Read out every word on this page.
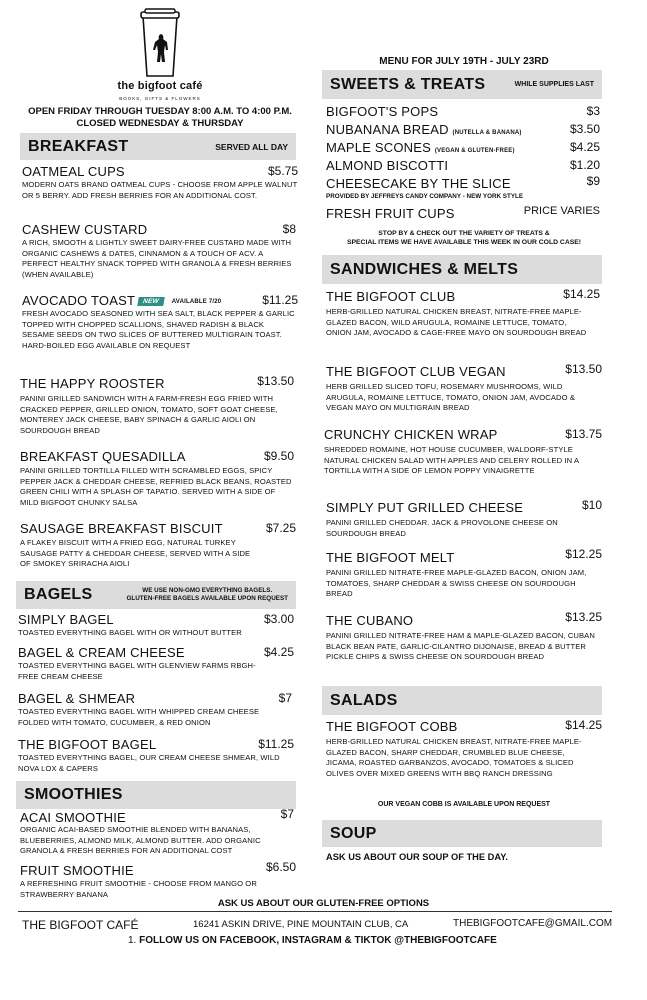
the bigfoot café
BOOKS, GIFTS & FLOWERS
OPEN FRIDAY THROUGH TUESDAY 8:00 A.M. TO 4:00 P.M.
CLOSED WEDNESDAY & THURSDAY
MENU FOR JULY 19TH - JULY 23RD
BREAKFAST	SERVED ALL DAY
OATMEAL CUPS	$5.75
MODERN OATS BRAND OATMEAL CUPS - CHOOSE FROM APPLE WALNUT OR 5 BERRY. ADD FRESH BERRIES FOR AN ADDITIONAL COST.
CASHEW CUSTARD	$8
A RICH, SMOOTH & LIGHTLY SWEET DAIRY-FREE CUSTARD MADE WITH ORGANIC CASHEWS & DATES, CINNAMON & A TOUCH OF ACV. A PERFECT HEALTHY SNACK TOPPED WITH GRANOLA & FRESH BERRIES (WHEN AVAILABLE)
AVOCADO TOAST NEW AVAILABLE 7/20	$11.25
FRESH AVOCADO SEASONED WITH SEA SALT, BLACK PEPPER & GARLIC TOPPED WITH CHOPPED SCALLIONS, SHAVED RADISH & BLACK SESAME SEEDS ON TWO SLICES OF BUTTERED MULTIGRAIN TOAST.
HARD-BOILED EGG AVAILABLE ON REQUEST
THE HAPPY ROOSTER	$13.50
PANINI GRILLED SANDWICH WITH A FARM-FRESH EGG FRIED WITH CRACKED PEPPER, GRILLED ONION, TOMATO, SOFT GOAT CHEESE, MONTEREY JACK CHEESE, BABY SPINACH & GARLIC AIOLI ON SOURDOUGH BREAD
BREAKFAST QUESADILLA	$9.50
PANINI GRILLED TORTILLA FILLED WITH SCRAMBLED EGGS, SPICY PEPPER JACK & CHEDDAR CHEESE, REFRIED BLACK BEANS, ROASTED GREEN CHILI WITH A SPLASH OF TAPATIO. SERVED WITH A SIDE OF MILD BIGFOOT CHUNKY SALSA
SAUSAGE BREAKFAST BISCUIT	$7.25
A FLAKEY BISCUIT WITH A FRIED EGG, NATURAL TURKEY SAUSAGE PATTY & CHEDDAR CHEESE, SERVED WITH A SIDE OF SMOKEY SRIRACHA AIOLI
BAGELS	WE USE NON-GMO EVERYTHING BAGELS.
GLUTEN-FREE BAGELS AVAILABLE UPON REQUEST
SIMPLY BAGEL	$3.00
TOASTED EVERYTHING BAGEL WITH OR WITHOUT BUTTER
BAGEL & CREAM CHEESE	$4.25
TOASTED EVERYTHING BAGEL WITH GLENVIEW FARMS RBGH-FREE CREAM CHEESE
BAGEL & SHMEAR	$7
TOASTED EVERYTHING BAGEL WITH WHIPPED CREAM CHEESE FOLDED WITH TOMATO, CUCUMBER, & RED ONION
THE BIGFOOT BAGEL	$11.25
TOASTED EVERYTHING BAGEL, OUR CREAM CHEESE SHMEAR, WILD NOVA LOX & CAPERS
SMOOTHIES
ACAI SMOOTHIE	$7
ORGANIC ACAI-BASED SMOOTHIE BLENDED WITH BANANAS, BLUEBERRIES, ALMOND MILK, ALMOND BUTTER. ADD ORGANIC GRANOLA & FRESH BERRIES FOR AN ADDITIONAL COST
FRUIT SMOOTHIE	$6.50
A REFRESHING FRUIT SMOOTHIE - CHOOSE FROM MANGO OR STRAWBERRY BANANA
SWEETS & TREATS	WHILE SUPPLIES LAST
BIGFOOT'S POPS	$3
NUBANANA BREAD (NUTELLA & BANANA)	$3.50
MAPLE SCONES (VEGAN & GLUTEN-FREE)	$4.25
ALMOND BISCOTTI	$1.20
CHEESECAKE BY THE SLICE	$9
PROVIDED BY JEFFREYS CANDY COMPANY - NEW YORK STYLE
FRESH FRUIT CUPS	PRICE VARIES
STOP BY & CHECK OUT THE VARIETY OF TREATS &
SPECIAL ITEMS WE HAVE AVAILABLE THIS WEEK IN OUR COLD CASE!
SANDWICHES & MELTS
THE BIGFOOT CLUB	$14.25
HERB-GRILLED NATURAL CHICKEN BREAST, NITRATE-FREE MAPLE-GLAZED BACON, WILD ARUGULA, ROMAINE LETTUCE, TOMATO, ONION JAM, AVOCADO & CAGE-FREE MAYO ON SOURDOUGH BREAD
THE BIGFOOT CLUB VEGAN	$13.50
HERB GRILLED SLICED TOFU, ROSEMARY MUSHROOMS, WILD ARUGULA, ROMAINE LETTUCE, TOMATO, ONION JAM, AVOCADO & VEGAN MAYO ON MULTIGRAIN BREAD
CRUNCHY CHICKEN WRAP	$13.75
SHREDDED ROMAINE, HOT HOUSE CUCUMBER, WALDORF-STYLE NATURAL CHICKEN SALAD WITH APPLES AND CELERY ROLLED IN A TORTILLA WITH A SIDE OF LEMON POPPY VINAIGRETTE
SIMPLY PUT GRILLED CHEESE	$10
PANINI GRILLED CHEDDAR. JACK & PROVOLONE CHEESE ON SOURDOUGH BREAD
THE BIGFOOT MELT	$12.25
PANINI GRILLED NITRATE-FREE MAPLE-GLAZED BACON, ONION JAM, TOMATOES, SHARP CHEDDAR & SWISS CHEESE ON SOURDOUGH BREAD
THE CUBANO	$13.25
PANINI GRILLED NITRATE-FREE HAM & MAPLE-GLAZED BACON, CUBAN BLACK BEAN PATE, GARLIC-CILANTRO DIJONAISE, BREAD & BUTTER PICKLE CHIPS & SWISS CHEESE ON SOURDOUGH BREAD
SALADS
THE BIGFOOT COBB	$14.25
HERB-GRILLED NATURAL CHICKEN BREAST, NITRATE-FREE MAPLE-GLAZED BACON, SHARP CHEDDAR, CRUMBLED BLUE CHEESE, JICAMA, ROASTED GARBANZOS, AVOCADO, TOMATOES & SLICED OLIVES OVER MIXED GREENS WITH BBQ RANCH DRESSING
OUR VEGAN COBB IS AVAILABLE UPON REQUEST
SOUP
ASK US ABOUT OUR SOUP OF THE DAY.
ASK US ABOUT OUR GLUTEN-FREE OPTIONS
THE BIGFOOT CAFÉ	16241 ASKIN DRIVE, PINE MOUNTAIN CLUB, CA	THEBIGFOOTCAFE@GMAIL.COM
1. FOLLOW US ON FACEBOOK, INSTAGRAM & TIKTOK @THEBIGFOOTCAFE
